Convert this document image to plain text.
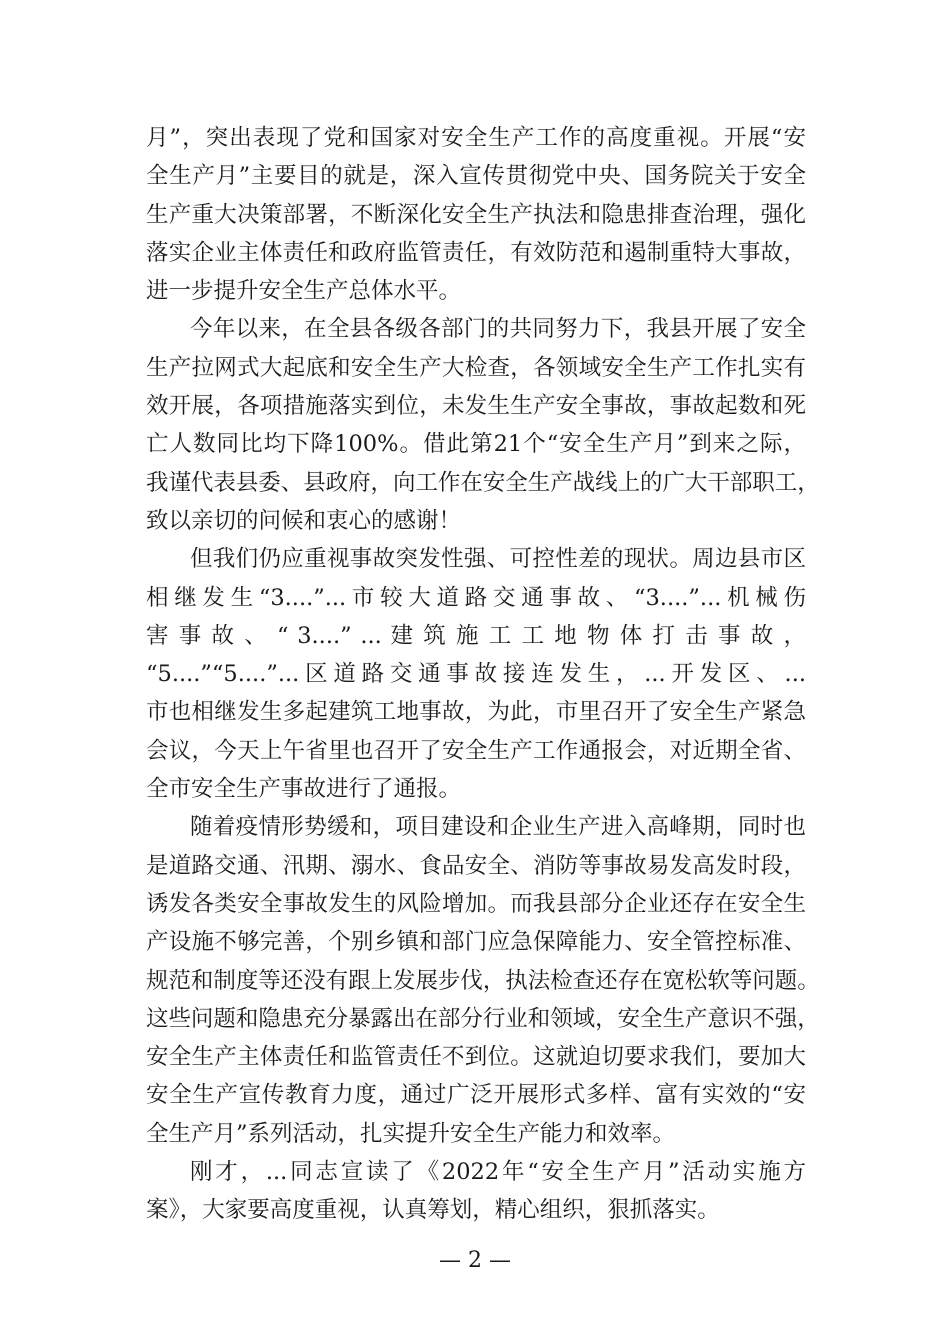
月”，突出表现了党和国家对安全生产工作的高度重视。开展“安
全生产月”主要目的就是，深入宣传贯彻党中央、国务院关于安全
生产重大决策部署，不断深化安全生产执法和隐患排查治理，强化
落实企业主体责任和政府监管责任，有效防范和遏制重特大事故，
进一步提升安全生产总体水平。
今年以来，在全县各级各部门的共同努力下，我县开展了安全
生产拉网式大起底和安全生产大检查，各领域安全生产工作扎实有
效开展，各项措施落实到位，未发生生产安全事故，事故起数和死
亡人数同比均下降100%。借此第21个“安全生产月”到来之际，
我谨代表县委、县政府，向工作在安全生产战线上的广大干部职工，
致以亲切的问候和衷心的感谢！
但我们仍应重视事故突发性强、可控性差的现状。周边县市区
相继发生“3....”...市较大道路交通事故、“3....”...机械伤
害 事 故 、 “ 3....” ... 建 筑 施 工 工 地 物 体 打 击 事 故 ，
“5....”“5....”...区道路交通事故接连发生，...开发区、...
市也相继发生多起建筑工地事故，为此，市里召开了安全生产紧急
会议，今天上午省里也召开了安全生产工作通报会，对近期全省、
全市安全生产事故进行了通报。
随着疫情形势缓和，项目建设和企业生产进入高峰期，同时也
是道路交通、汛期、溺水、食品安全、消防等事故易发高发时段，
诱发各类安全事故发生的风险增加。而我县部分企业还存在安全生
产设施不够完善，个别乡镇和部门应急保障能力、安全管控标准、
规范和制度等还没有跟上发展步伐，执法检查还存在宽松软等问题。
这些问题和隐患充分暴露出在部分行业和领域，安全生产意识不强，
安全生产主体责任和监管责任不到位。这就迫切要求我们，要加大
安全生产宣传教育力度，通过广泛开展形式多样、富有实效的“安
全生产月”系列活动，扎实提升安全生产能力和效率。
刚才，...同志宣读了《2022年“安全生产月”活动实施方
案》，大家要高度重视，认真筹划，精心组织，狠抓落实。
— 2 —
